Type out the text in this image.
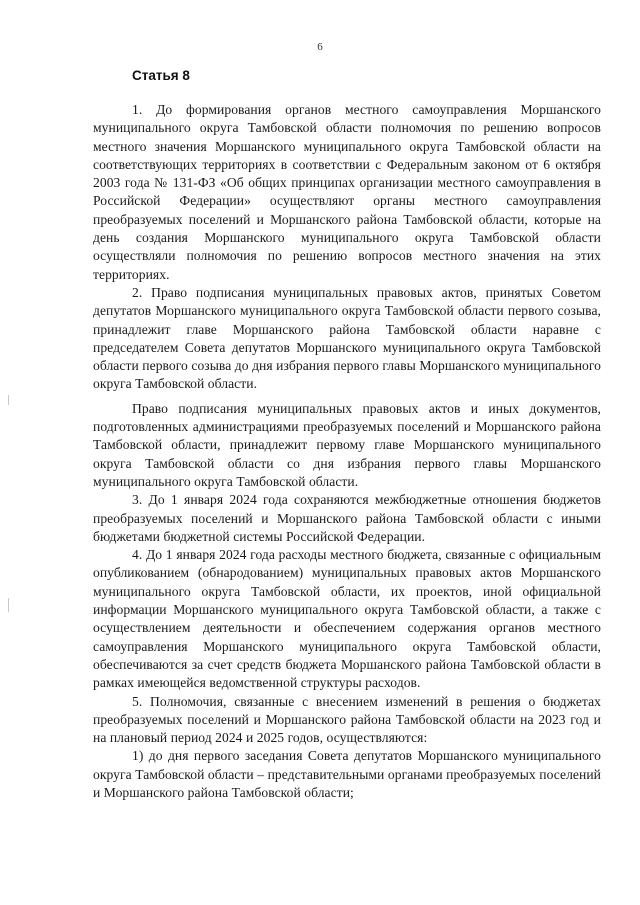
6
Статья 8

1. До формирования органов местного самоуправления Моршанского муниципального округа Тамбовской области полномочия по решению вопросов местного значения Моршанского муниципального округа Тамбовской области на соответствующих территориях в соответствии с Федеральным законом от 6 октября 2003 года № 131-ФЗ «Об общих принципах организации местного самоуправления в Российской Федерации» осуществляют органы местного самоуправления преобразуемых поселений и Моршанского района Тамбовской области, которые на день создания Моршанского муниципального округа Тамбовской области осуществляли полномочия по решению вопросов местного значения на этих территориях.

2. Право подписания муниципальных правовых актов, принятых Советом депутатов Моршанского муниципального округа Тамбовской области первого созыва, принадлежит главе Моршанского района Тамбовской области наравне с председателем Совета депутатов Моршанского муниципального округа Тамбовской области первого созыва до дня избрания первого главы Моршанского муниципального округа Тамбовской области.

Право подписания муниципальных правовых актов и иных документов, подготовленных администрациями преобразуемых поселений и Моршанского района Тамбовской области, принадлежит первому главе Моршанского муниципального округа Тамбовской области со дня избрания первого главы Моршанского муниципального округа Тамбовской области.

3. До 1 января 2024 года сохраняются межбюджетные отношения бюджетов преобразуемых поселений и Моршанского района Тамбовской области с иными бюджетами бюджетной системы Российской Федерации.

4. До 1 января 2024 года расходы местного бюджета, связанные с официальным опубликованием (обнародованием) муниципальных правовых актов Моршанского муниципального округа Тамбовской области, их проектов, иной официальной информации Моршанского муниципального округа Тамбовской области, а также с осуществлением деятельности и обеспечением содержания органов местного самоуправления Моршанского муниципального округа Тамбовской области, обеспечиваются за счет средств бюджета Моршанского района Тамбовской области в рамках имеющейся ведомственной структуры расходов.

5. Полномочия, связанные с внесением изменений в решения о бюджетах преобразуемых поселений и Моршанского района Тамбовской области на 2023 год и на плановый период 2024 и 2025 годов, осуществляются:

1) до дня первого заседания Совета депутатов Моршанского муниципального округа Тамбовской области – представительными органами преобразуемых поселений и Моршанского района Тамбовской области;
